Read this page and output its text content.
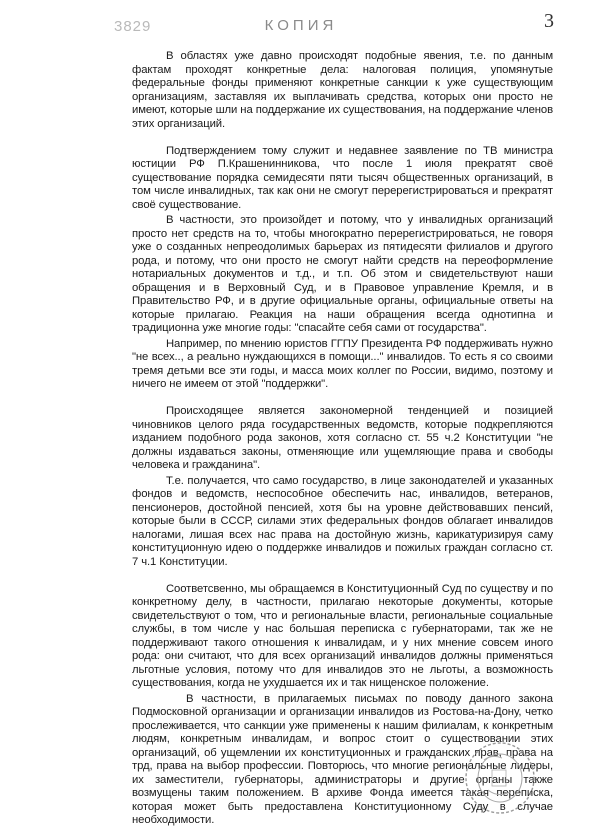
3829	КОПИЯ	3

В областях уже давно происходят подобные явения, т.е. по данным фактам проходят конкретные дела: налоговая полиция, упомянутые федеральные фонды применяют конкретные санкции к уже существующим организациям, заставляя их выплачивать средства, которых они просто не имеют, которые шли на поддержание их существования, на поддержание членов этих организаций.

Подтверждением тому служит и недавнее заявление по ТВ министра юстиции РФ П.Крашенинникова, что после 1 июля прекратят своё существование порядка семидесяти пяти тысяч общественных организаций, в том числе инвалидных, так как они не смогут перерегистрироваться и прекратят своё существование.

В частности, это произойдет и потому, что у инвалидных организаций просто нет средств на то, чтобы многократно перерегистрироваться, не говоря уже о созданных непреодолимых барьерах из пятидесяти филиалов и другого рода, и потому, что они просто не смогут найти средств на переоформление нотариальных документов и т.д., и т.п. Об этом и свидетельствуют наши обращения и в Верховный Суд, и в Правовое управление Кремля, и в Правительство РФ, и в другие официальные органы, официальные ответы на которые прилагаю. Реакция на наши обращения всегда однотипна и традиционна уже многие годы: "спасайте себя сами от государства".

Например, по мнению юристов ГГПУ Президента РФ поддерживать нужно "не всех.., а реально нуждающихся в помощи..." инвалидов. То есть я со своими тремя детьми все эти годы, и масса моих коллег по России, видимо, поэтому и ничего не имеем от этой "поддержки".

Происходящее является закономерной тенденцией и позицией чиновников целого ряда государственных ведомств, которые подкрепляются изданием подобного рода законов, хотя согласно ст. 55 ч.2 Конституции "не должны издаваться законы, отменяющие или ущемляющие права и свободы человека и гражданина".

Т.е. получается, что само государство, в лице законодателей и указанных фондов и ведомств, неспособное обеспечить нас, инвалидов, ветеранов, пенсионеров, достойной пенсией, хотя бы на уровне действовавших пенсий, которые были в СССР, силами этих федеральных фондов облагает инвалидов налогами, лишая всех нас права на достойную жизнь, карикатуризируя саму конституционную идею о поддержке инвалидов и пожилых граждан согласно ст. 7 ч.1 Конституции.

Соответсвенно, мы обращаемся в Конституционный Суд по существу и по конкретному делу, в частности, прилагаю некоторые документы, которые свидетельствуют о том, что и региональные власти, региональные социальные службы, в том числе у нас большая переписка с губернаторами, так же не поддерживают такого отношения к инвалидам, и у них мнение совсем иного рода: они считают, что для всех организаций инвалидов должны применяться льготные условия, потому что для инвалидов это не льготы, а возможность существования, когда не ухудшается их и так нищенское положение.

В частности, в прилагаемых письмах по поводу данного закона Подмосковной организации и организации инвалидов из Ростова-на-Дону, четко прослеживается, что санкции уже применены к нашим филиалам, к конкретным людям, конкретным инвалидам, и вопрос стоит о существовании этих организаций, об ущемлении их конституционных и гражданских прав, права на трд, права на выбор профессии. Повторюсь, что многие региональные лидеры, их заместители, губернаторы, администраторы и другие органы также возмущены таким положением. В архиве Фонда имеется такая переписка, которая может быть предоставлена Конституционному Суду в случае необходимости.
